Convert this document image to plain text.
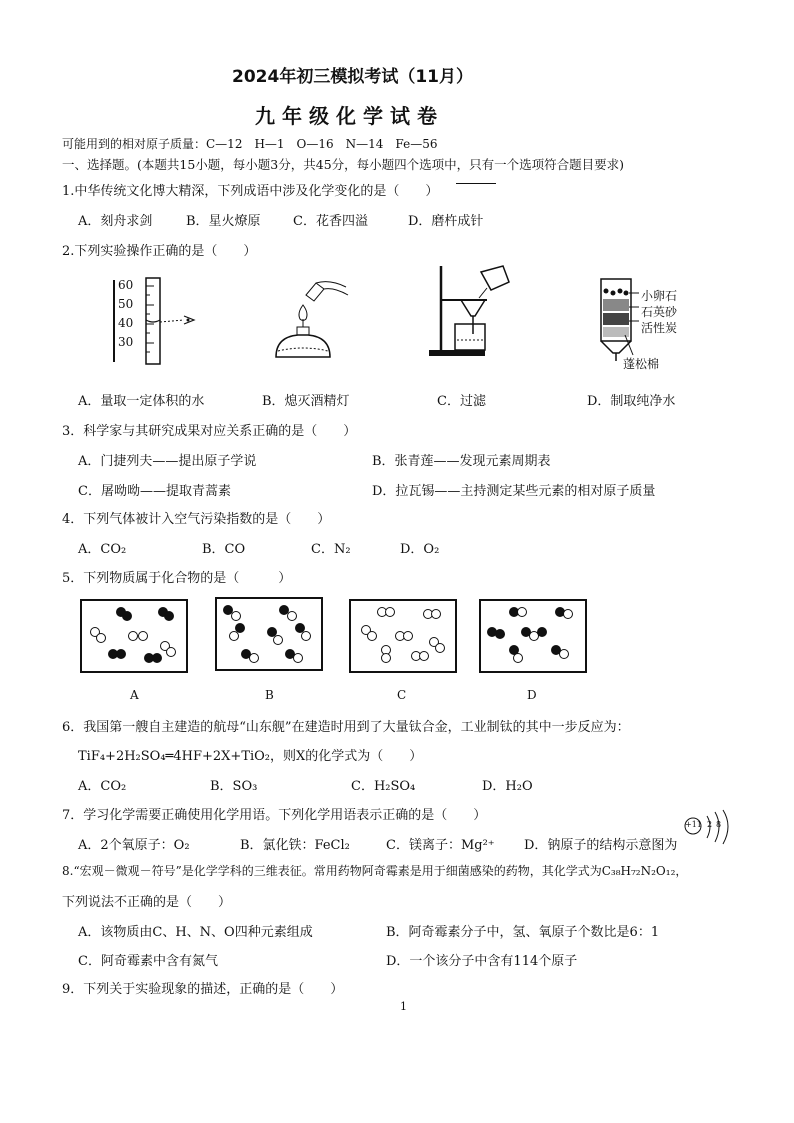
2024年初三模拟考试（11月）
九年级化学试卷
可能用到的相对原子质量：C—12　H—1　O—16　N—14　Fe—56
一、选择题。(本题共15小题，每小题3分，共45分，每小题四个选项中，只有一个选项符合题目要求)
1.中华传统文化博大精深，下列成语中涉及化学变化的是（　　）
A．刻舟求剑	B．星火燎原 C．花香四溢	D．磨杵成针
2.下列实验操作正确的是（　　）
60
50
40
30
小卵石
石英砂
活性炭
蓬松棉
A．量取一定体积的水	B．熄灭酒精灯	C．过滤	D．制取纯净水
3．科学家与其研究成果对应关系正确的是（　　）
A．门捷列夫——提出原子学说	B．张青莲——发现元素周期表
C．屠呦呦——提取青蒿素	D．拉瓦锡——主持测定某些元素的相对原子质量
4．下列气体被计入空气污染指数的是（　　）
A．CO₂	B．CO	C．N₂	D．O₂
5．下列物质属于化合物的是（　　　）
A	B	C	D
6．我国第一艘自主建造的航母“山东舰”在建造时用到了大量钛合金，工业制钛的其中一步反应为：
TiF₄+2H₂SO₄═4HF+2X+TiO₂，则X的化学式为（　　）
A．CO₂	B．SO₃	C．H₂SO₄	D．H₂O
7．学习化学需要正确使用化学用语。下列化学用语表示正确的是（　　）
A．2个氧原子：O₂	B．氯化铁：FeCl₂	C．镁离子：Mg²⁺ D．钠原子的结构示意图为
+11 2 8
8.“宏观－微观－符号”是化学学科的三维表征。常用药物阿奇霉素是用于细菌感染的药物，其化学式为C₃₈H₇₂N₂O₁₂，
下列说法不正确的是（　　）
A．该物质由C、H、N、O四种元素组成	B．阿奇霉素分子中，氢、氧原子个数比是6：1
C．阿奇霉素中含有氮气	D．一个该分子中含有114个原子
9．下列关于实验现象的描述，正确的是（　　）
1
